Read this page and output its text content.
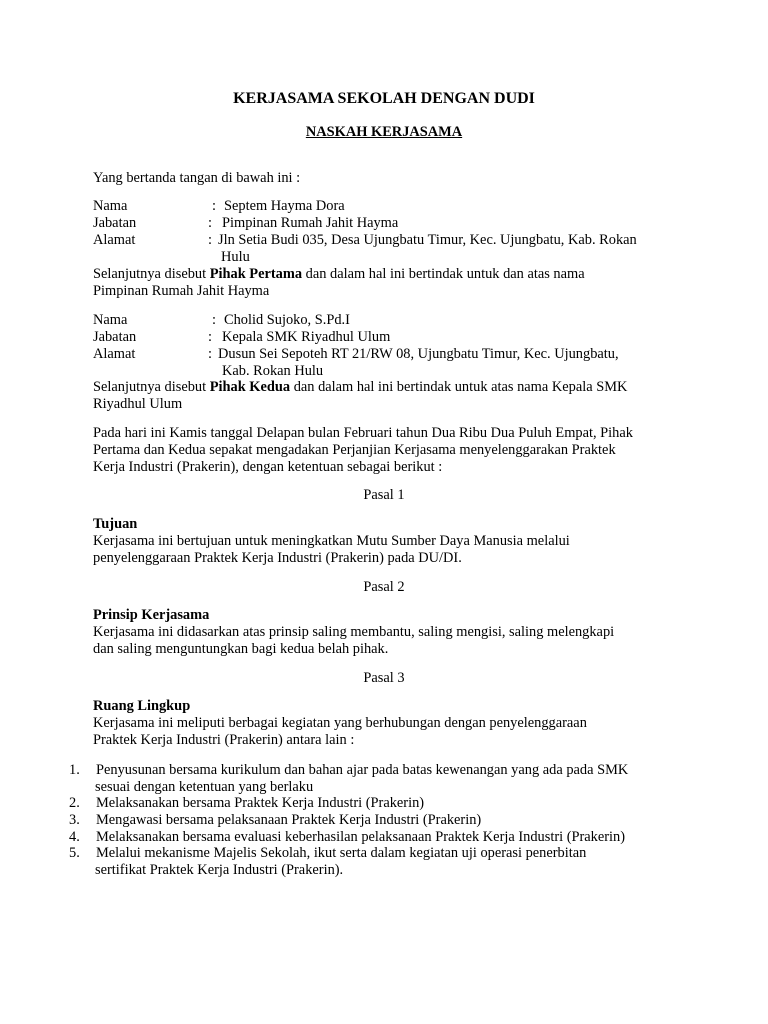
KERJASAMA SEKOLAH DENGAN DUDI
NASKAH KERJASAMA
Yang bertanda tangan di bawah ini :
Nama	: Septem Hayma Dora
Jabatan	: Pimpinan Rumah Jahit Hayma
Alamat	: Jln Setia Budi 035, Desa Ujungbatu Timur, Kec. Ujungbatu, Kab. Rokan
Hulu
Selanjutnya disebut Pihak Pertama dan dalam hal ini bertindak untuk dan atas nama
Pimpinan Rumah Jahit Hayma
Nama	: Cholid Sujoko, S.Pd.I
Jabatan	: Kepala SMK Riyadhul Ulum
Alamat	: Dusun Sei Sepoteh RT 21/RW 08, Ujungbatu Timur, Kec. Ujungbatu,
Kab. Rokan Hulu
Selanjutnya disebut Pihak Kedua dan dalam hal ini bertindak untuk atas nama Kepala SMK
Riyadhul Ulum
Pada hari ini Kamis tanggal Delapan bulan Februari tahun Dua Ribu Dua Puluh Empat, Pihak
Pertama dan Kedua sepakat mengadakan Perjanjian Kerjasama menyelenggarakan Praktek
Kerja Industri (Prakerin), dengan ketentuan sebagai berikut :
Pasal 1
Tujuan
Kerjasama ini bertujuan untuk meningkatkan Mutu Sumber Daya Manusia melalui
penyelenggaraan Praktek Kerja Industri (Prakerin) pada DU/DI.
Pasal 2
Prinsip Kerjasama
Kerjasama ini didasarkan atas prinsip saling membantu, saling mengisi, saling melengkapi
dan saling menguntungkan bagi kedua belah pihak.
Pasal 3
Ruang Lingkup
Kerjasama ini meliputi berbagai kegiatan yang berhubungan dengan penyelenggaraan
Praktek Kerja Industri (Prakerin) antara lain :
1.	Penyusunan bersama kurikulum dan bahan ajar pada batas kewenangan yang ada pada SMK
sesuai dengan ketentuan yang berlaku
2.	Melaksanakan bersama Praktek Kerja Industri (Prakerin)
3.	Mengawasi bersama pelaksanaan Praktek Kerja Industri (Prakerin)
4.	Melaksanakan bersama evaluasi keberhasilan pelaksanaan Praktek Kerja Industri (Prakerin)
5.	Melalui mekanisme Majelis Sekolah, ikut serta dalam kegiatan uji operasi penerbitan
sertifikat Praktek Kerja Industri (Prakerin).
